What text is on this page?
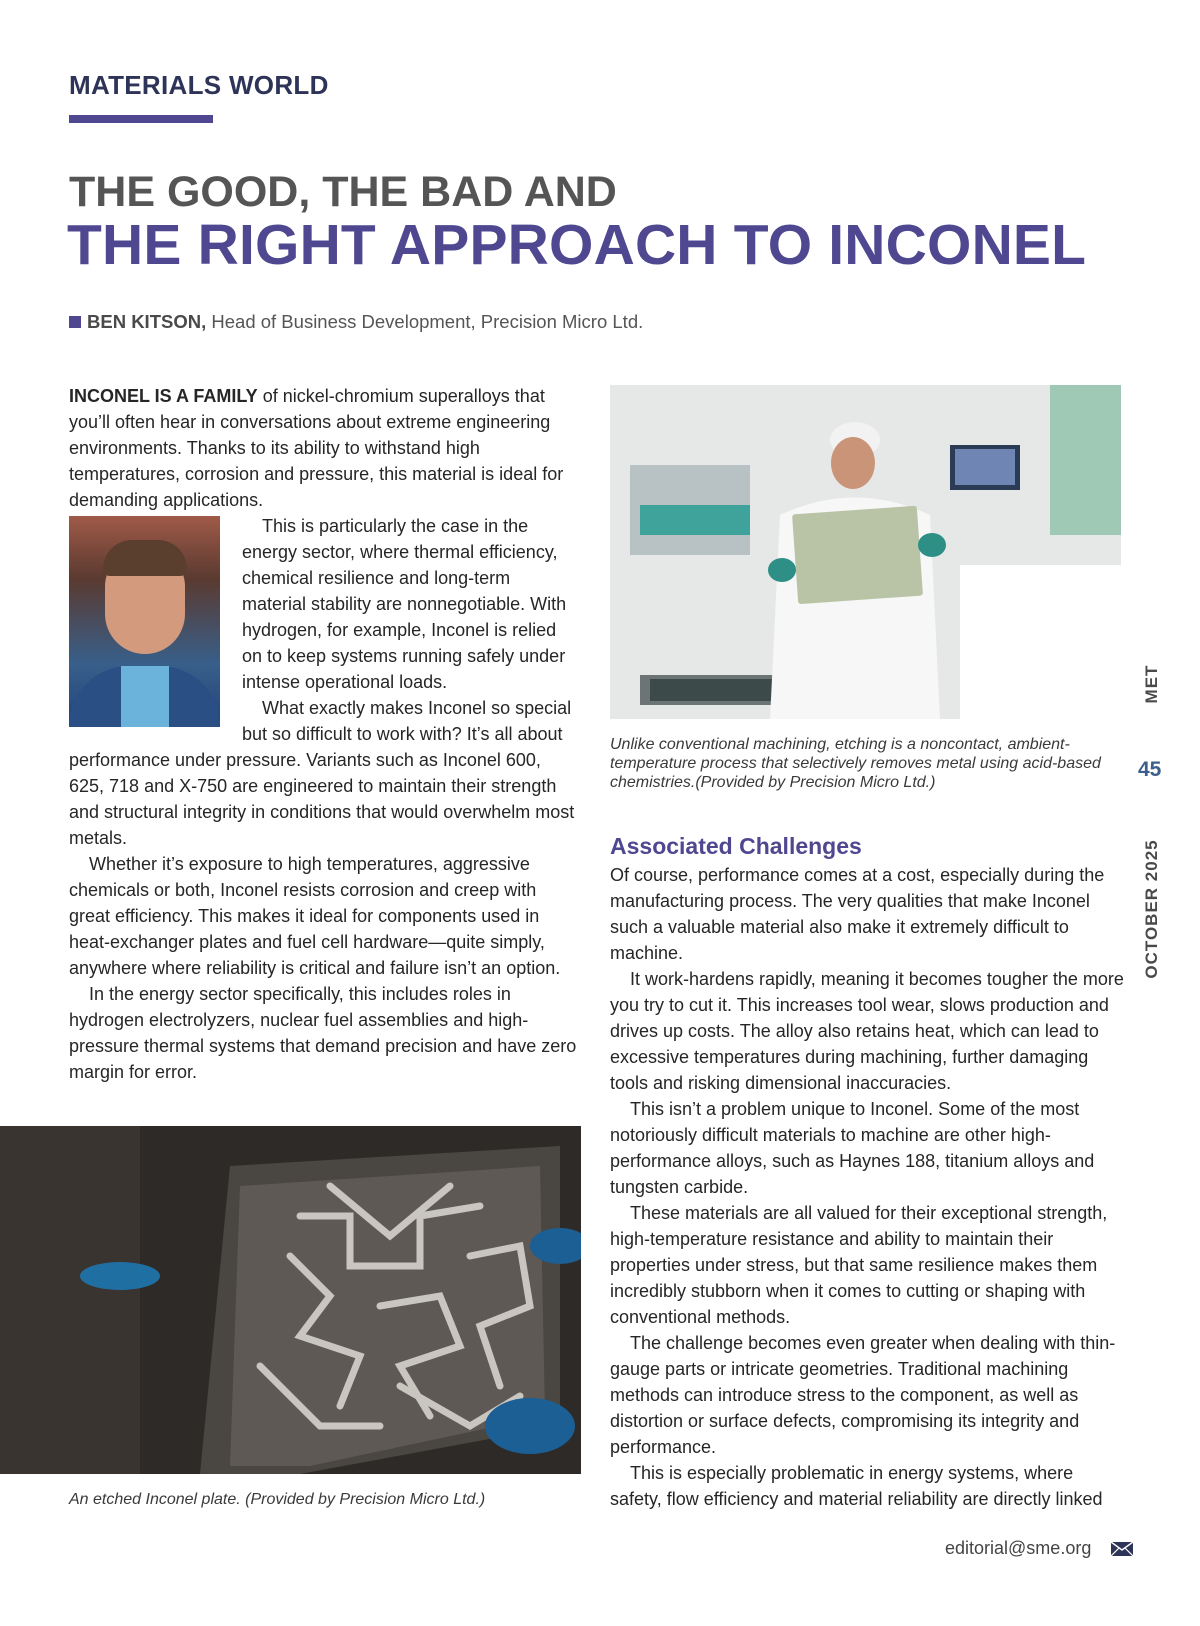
MATERIALS WORLD
THE GOOD, THE BAD AND
THE RIGHT APPROACH TO INCONEL
BEN KITSON, Head of Business Development, Precision Micro Ltd.

INCONEL IS A FAMILY of nickel-chromium superalloys that you’ll often hear in conversations about extreme engineering environments. Thanks to its ability to withstand high temperatures, corrosion and pressure, this material is ideal for demanding applications.

This is particularly the case in the energy sector, where thermal efficiency, chemical resilience and long-term material stability are nonnegotiable. With hydrogen, for example, Inconel is relied on to keep systems running safely under intense operational loads.

What exactly makes Inconel so special but so difficult to work with? It’s all about performance under pressure. Variants such as Inconel 600, 625, 718 and X-750 are engineered to maintain their strength and structural integrity in conditions that would overwhelm most metals.

Whether it’s exposure to high temperatures, aggressive chemicals or both, Inconel resists corrosion and creep with great efficiency. This makes it ideal for components used in heat-exchanger plates and fuel cell hardware—quite simply, anywhere where reliability is critical and failure isn’t an option.

In the energy sector specifically, this includes roles in hydrogen electrolyzers, nuclear fuel assemblies and high-pressure thermal systems that demand precision and have zero margin for error.

Unlike conventional machining, etching is a noncontact, ambient-temperature process that selectively removes metal using acid-based chemistries.(Provided by Precision Micro Ltd.)
Associated Challenges

Of course, performance comes at a cost, especially during the manufacturing process. The very qualities that make Inconel such a valuable material also make it extremely difficult to machine.

It work-hardens rapidly, meaning it becomes tougher the more you try to cut it. This increases tool wear, slows production and drives up costs. The alloy also retains heat, which can lead to excessive temperatures during machining, further damaging tools and risking dimensional inaccuracies.

This isn’t a problem unique to Inconel. Some of the most notoriously difficult materials to machine are other high-performance alloys, such as Haynes 188, titanium alloys and tungsten carbide.

These materials are all valued for their exceptional strength, high-temperature resistance and ability to maintain their properties under stress, but that same resilience makes them incredibly stubborn when it comes to cutting or shaping with conventional methods.

The challenge becomes even greater when dealing with thin-gauge parts or intricate geometries. Traditional machining methods can introduce stress to the component, as well as distortion or surface defects, compromising its integrity and performance.

This is especially problematic in energy systems, where safety, flow efficiency and material reliability are directly linked

An etched Inconel plate. (Provided by Precision Micro Ltd.)
MET
45
OCTOBER 2025
editorial@sme.org
